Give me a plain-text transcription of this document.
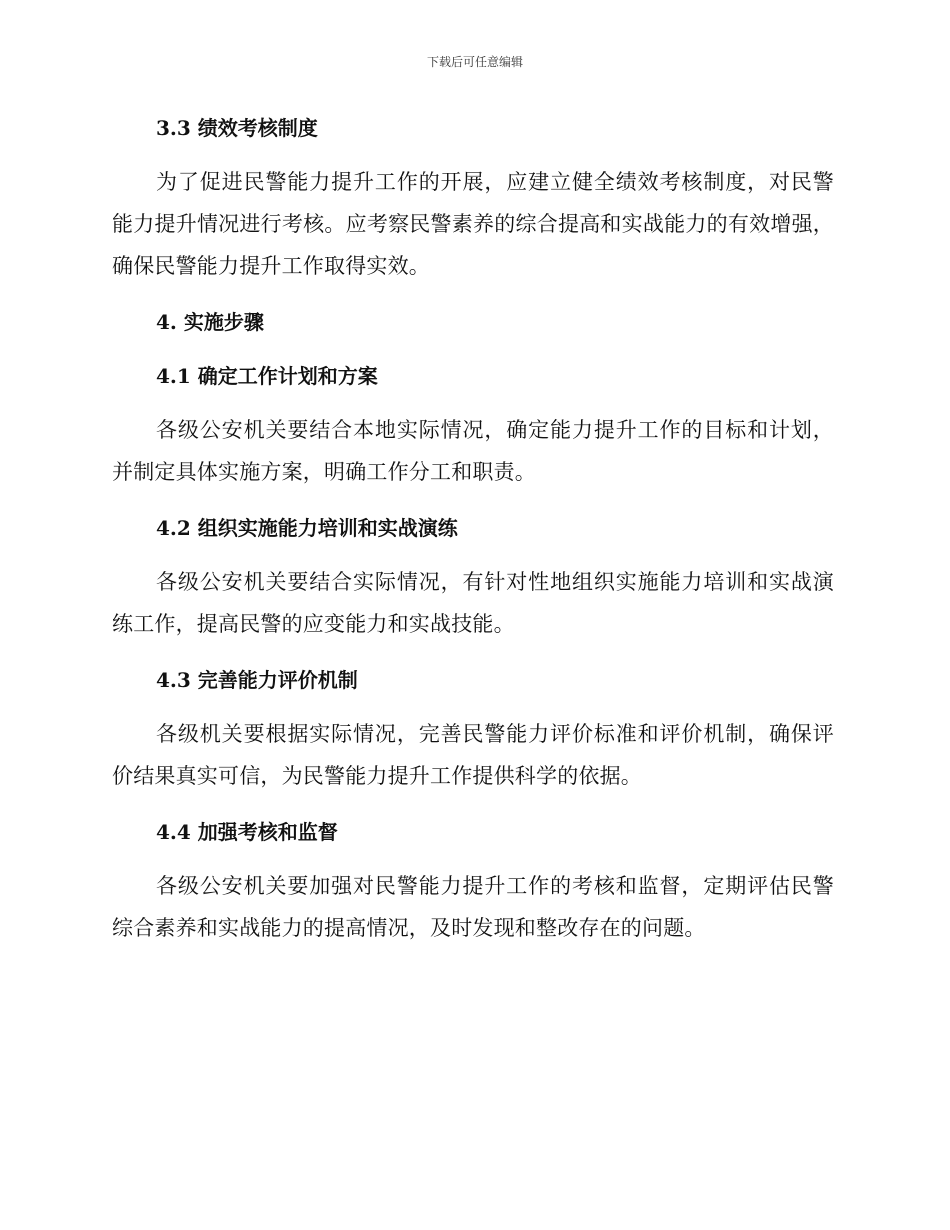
下载后可任意编辑
3.3 绩效考核制度

为了促进民警能力提升工作的开展，应建立健全绩效考核制度，对民警能力提升情况进行考核。应考察民警素养的综合提高和实战能力的有效增强，确保民警能力提升工作取得实效。

4. 实施步骤
4.1 确定工作计划和方案

各级公安机关要结合本地实际情况，确定能力提升工作的目标和计划，并制定具体实施方案，明确工作分工和职责。

4.2 组织实施能力培训和实战演练

各级公安机关要结合实际情况，有针对性地组织实施能力培训和实战演练工作，提高民警的应变能力和实战技能。

4.3 完善能力评价机制

各级机关要根据实际情况，完善民警能力评价标准和评价机制，确保评价结果真实可信，为民警能力提升工作提供科学的依据。

4.4 加强考核和监督

各级公安机关要加强对民警能力提升工作的考核和监督，定期评估民警综合素养和实战能力的提高情况，及时发现和整改存在的问题。
